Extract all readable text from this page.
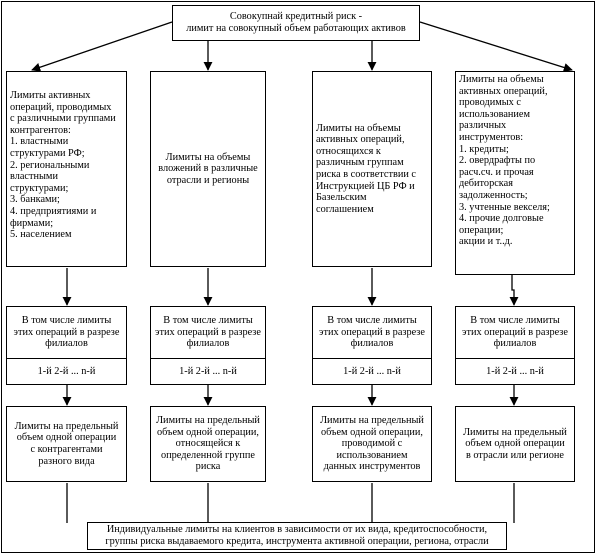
Совокупнай кредитный риск -
лимит на совокупный объем работающих активов
Лимиты активных
операций, проводимых
с различными группами
контрагентов:
1. властными
структурами РФ;
2. региональными
властными
структурами;
3. банками;
4. предприятиями и
фирмами;
5. населением
Лимиты на объемы
вложений в различные
отрасли и регионы
Лимиты на объемы
активных операций,
относящихся к
различным группам
риска в соответствии с
Инструкцией ЦБ РФ и
Базельским
соглашением
Лимиты на объемы
активных операций,
проводимых с
использованием
различных
инструментов:
1. кредиты;
2. овердрафты по
расч.сч. и прочая
дебиторская
задолженность;
3. учтенные векселя;
4. прочие долговые
операции;
акции и т..д.
В том числе лимиты
этих операций в разрезе
филиалов
1-й 2-й ... n-й
В том числе лимиты
этих операций в разрезе
филиалов
1-й 2-й ... n-й
В том числе лимиты
этих операций в разрезе
филиалов
1-й 2-й ... n-й
В том числе лимиты
этих операций в разрезе
филиалов
1-й 2-й ... n-й
Лимиты на предельный
объем одной операции
с контрагентами
разного вида
Лимиты на предельный
объем одной операции,
относящейся к
определенной группе
риска
Лимиты на предельный
объем одной операции,
проводимой с
использованием
данных инструментов
Лимиты на предельный
объем одной операции
в отрасли или регионе
Индивидуальные лимиты на клиентов в зависимости от их вида, кредитоспособности,
группы риска выдаваемого кредита, инструмента активной операции, региона, отрасли
